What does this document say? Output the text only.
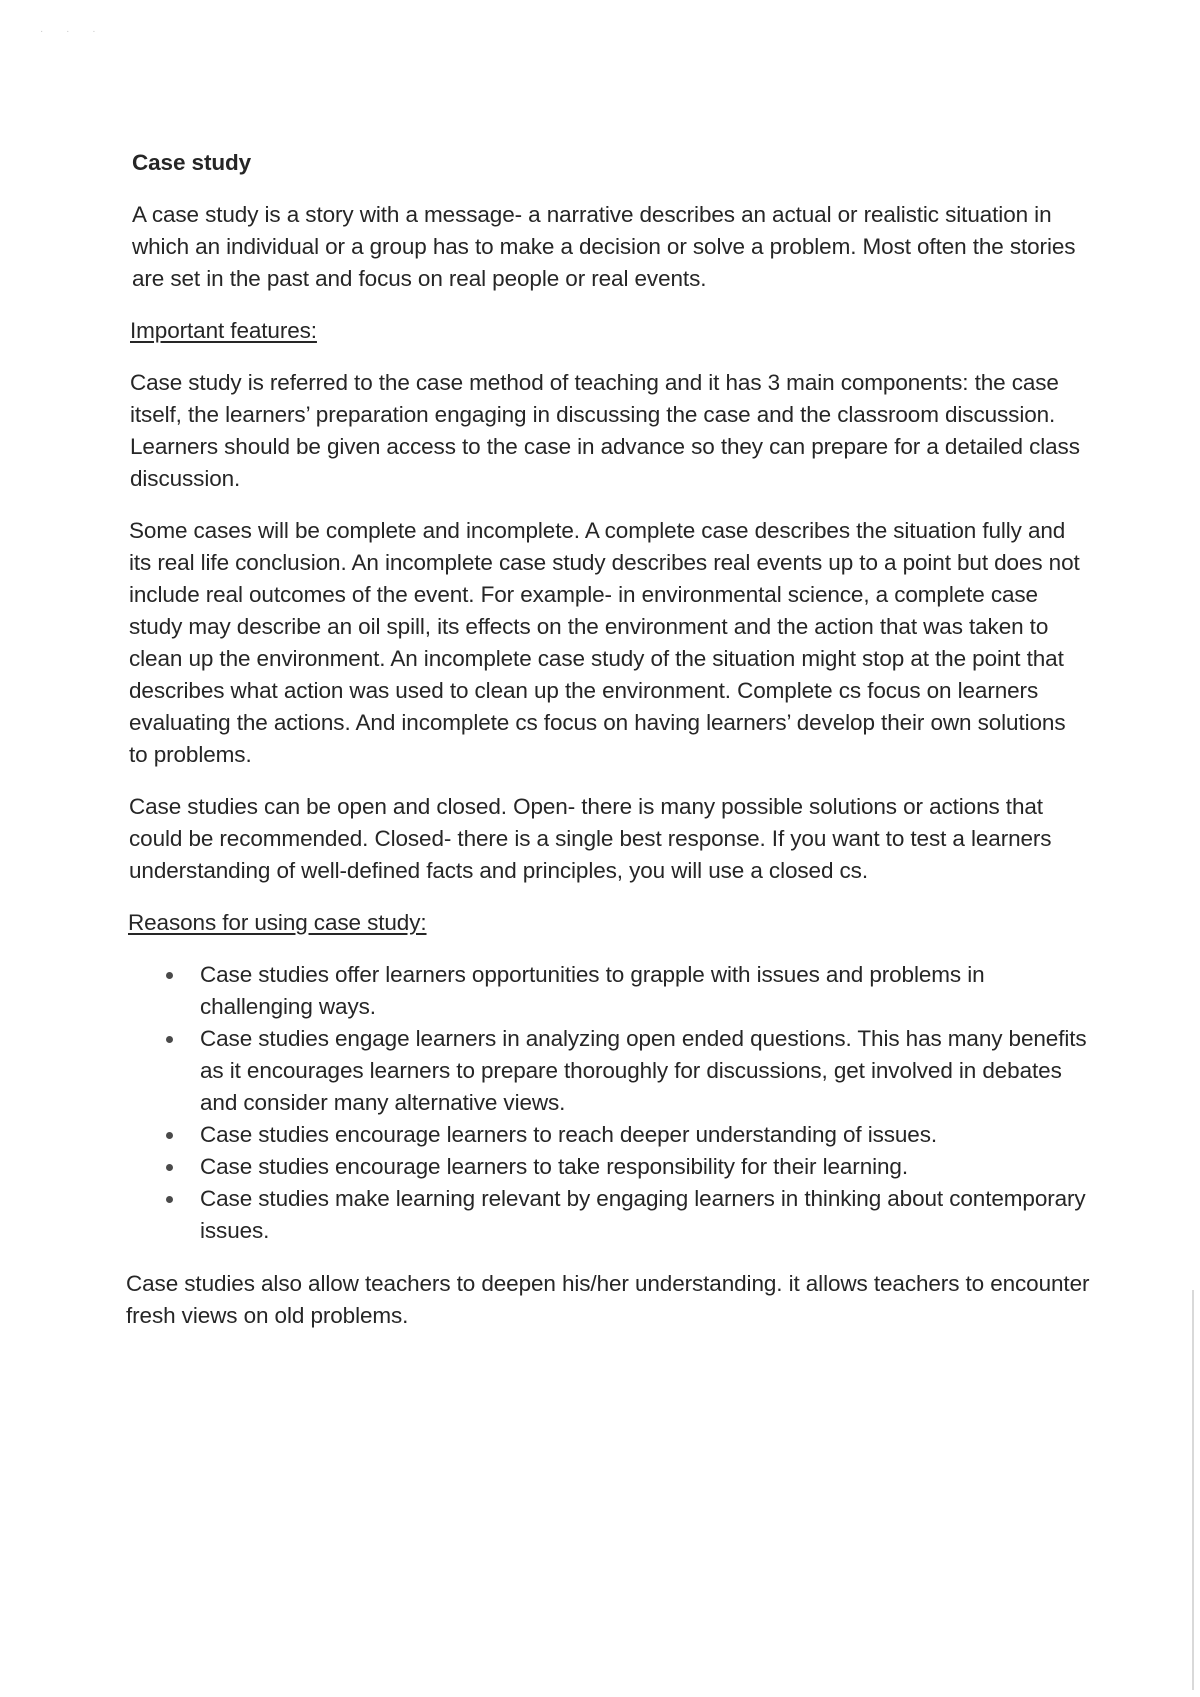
· · ·
Case study

A case study is a story with a message- a narrative describes an actual or realistic situation in which an individual or a group has to make a decision or solve a problem. Most often the stories are set in the past and focus on real people or real events.

Important features:

Case study is referred to the case method of teaching and it has 3 main components: the case itself, the learners’ preparation engaging in discussing the case and the classroom discussion. Learners should be given access to the case in advance so they can prepare for a detailed class discussion.

Some cases will be complete and incomplete. A complete case describes the situation fully and its real life conclusion. An incomplete case study describes real events up to a point but does not include real outcomes of the event. For example- in environmental science, a complete case study may describe an oil spill, its effects on the environment and the action that was taken to clean up the environment. An incomplete case study of the situation might stop at the point that describes what action was used to clean up the environment. Complete cs focus on learners evaluating the actions. And incomplete cs focus on having learners’ develop their own solutions to problems.

Case studies can be open and closed. Open- there is many possible solutions or actions that could be recommended. Closed- there is a single best response. If you want to test a learners understanding of well-defined facts and principles, you will use a closed cs.

Reasons for using case study:

Case studies offer learners opportunities to grapple with issues and problems in challenging ways.
Case studies engage learners in analyzing open ended questions. This has many benefits as it encourages learners to prepare thoroughly for discussions, get involved in debates and consider many alternative views.
Case studies encourage learners to reach deeper understanding of issues.
Case studies encourage learners to take responsibility for their learning.
Case studies make learning relevant by engaging learners in thinking about contemporary issues.

Case studies also allow teachers to deepen his/her understanding. it allows teachers to encounter fresh views on old problems.
